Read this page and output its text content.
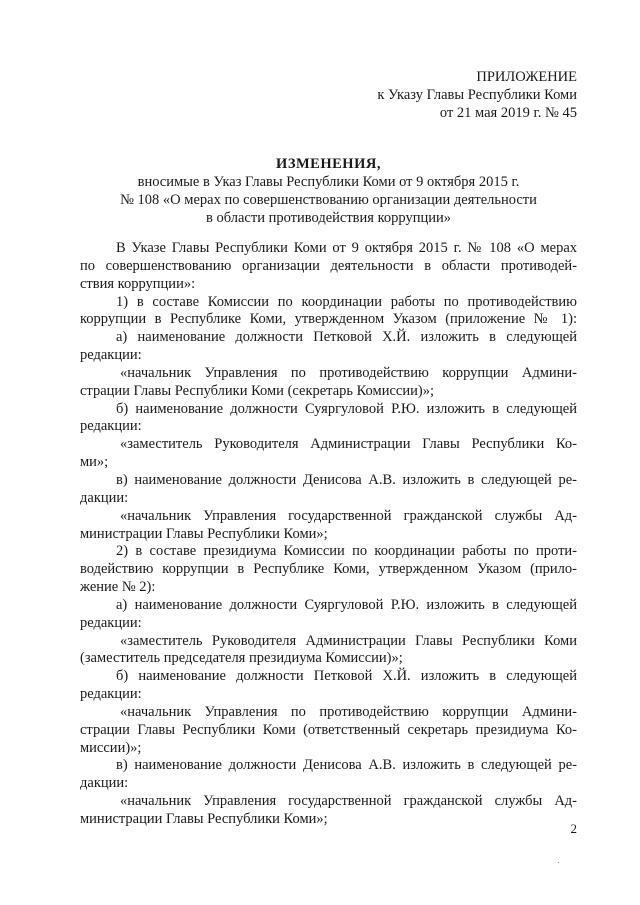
ПРИЛОЖЕНИЕ
к Указу Главы Республики Коми
от 21 мая 2019 г. № 45
ИЗМЕНЕНИЯ,
вносимые в Указ Главы Республики Коми от 9 октября 2015 г.
№ 108 «О мерах по совершенствованию организации деятельности
в области противодействия коррупции»
В Указе Главы Республики Коми от 9 октября 2015 г. № 108 «О мерах
по совершенствованию организации деятельности в области противодей-
ствия коррупции»:
1) в составе Комиссии по координации работы по противодействию
коррупции в Республике Коми, утвержденном Указом (приложение № 1):
а) наименование должности Петковой Х.Й. изложить в следующей
редакции:
«начальник Управления по противодействию коррупции Админи-
страции Главы Республики Коми (секретарь Комиссии)»;
б) наименование должности Суяргуловой Р.Ю. изложить в следующей
редакции:
«заместитель Руководителя Администрации Главы Республики Ко-
ми»;
в) наименование должности Денисова А.В. изложить в следующей ре-
дакции:
«начальник Управления государственной гражданской службы Ад-
министрации Главы Республики Коми»;
2) в составе президиума Комиссии по координации работы по проти-
водействию коррупции в Республике Коми, утвержденном Указом (прило-
жение № 2):
а) наименование должности Суяргуловой Р.Ю. изложить в следующей
редакции:
«заместитель Руководителя Администрации Главы Республики Коми
(заместитель председателя президиума Комиссии)»;
б) наименование должности Петковой Х.Й. изложить в следующей
редакции:
«начальник Управления по противодействию коррупции Админи-
страции Главы Республики Коми (ответственный секретарь президиума Ко-
миссии)»;
в) наименование должности Денисова А.В. изложить в следующей ре-
дакции:
«начальник Управления государственной гражданской службы Ад-
министрации Главы Республики Коми»;
2
